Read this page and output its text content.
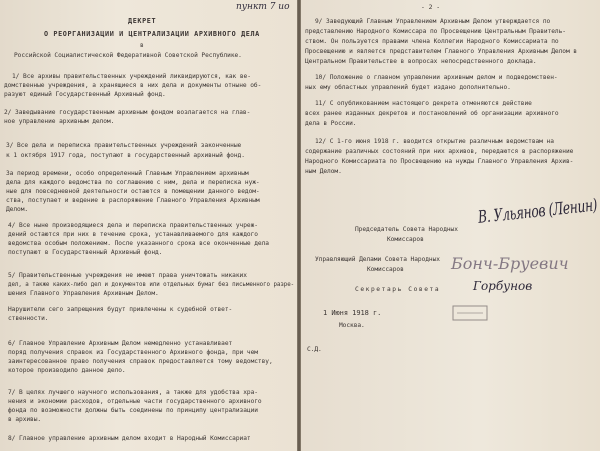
пункт 7 ио
ДЕКРЕТ
О РЕОРГАНИЗАЦИИ И ЦЕНТРАЛИЗАЦИИ АРХИВНОГО ДЕЛА
в
Российской Социалистической Федеративной Советской Республике.
1/ Все архивы правительственных учреждений ликвидируются, как ве-
домственные учреждения, а хранящиеся в них дела и документы отныне об-
разуют единый Государственный Архивный фонд.
2/ Заведывание государственным архивным фондом возлагается на глав-
ное управление архивным делом.
3/ Все дела и переписка правительственных учреждений законченные
к 1 октября 1917 года, поступают в государственный архивный фонд.
За период времени, особо определенный Главным Управлением архивным
дела для каждого ведомства по соглашению с ним, дела и переписка нуж-
ные для повседневной деятельности остаются в помещении данного ведом-
ства, поступает и ведение в распоряжение Главного Управления Архивным
Делом.
4/ Все ныне производящиеся дела и переписка правительственных учреж-
дений остаются при них в течение срока, устанавливаемого для каждого
ведомства особым положением. После указанного срока все оконченные дела
поступают в Государственный Архивный фонд.
5/ Правительственные учреждения не имеют права уничтожать никаких
дел, а также каких-либо дел и документов или отдельных бумаг без письменного разре-
шения Главного Управления Архивным Делом.
Нарушители сего запрещения будут привлечены к судебной ответ-
ственности.
6/ Главное Управление Архивным Делом немедленно устанавливает
поряд получения справок из Государственного Архивного фонда, при чем
заинтересованное право получения справок предоставляется тому ведомству,
которое производило данное дело.
7/ В целях лучшего научного использования, а также для удобства хра-
нения и экономии расходов, отдельные части государственного архивного
фонда по возможности должны быть соединены по принципу централизации
в архивы.
8/ Главное управление архивным делом входит в Народный Комиссариат
- 2 -
9/ Заведующий Главным Управлением Архивным Делом утверждается по
представлению Народного Комиссара по Просвещению Центральным Правитель-
ством. Он пользуется правами члена Коллегии Народного Комиссариата по
Просвещению и является представителем Главного Управления Архивным Делом в
Центральном Правительстве в вопросах непосредственного доклада.
10/ Положение о главном управлении архивным делом и подведомствен-
ных ему областных управлений будет издано дополнительно.
11/ С опубликованием настоящего декрета отменяются действие
всех ранее изданных декретов и постановлений об организации архивного
дела в России.
12/ С 1-го июня 1918 г. вводится открытие различным ведомствам на
содержание различных состояний при них архивов, передаются в распоряжение
Народного Комиссариата по Просвещению на нужды Главного Управления Архив-
ным Делом.
Председатель Совета Народных
Комиссаров
В. Ульянов (Ленин)
Управляющий Делами Совета Народных
Комиссаров	Бонч-Бруевич
Секретарь Совета	Горбунов
1 Июня 1918 г.
Москва.
С.Д.
